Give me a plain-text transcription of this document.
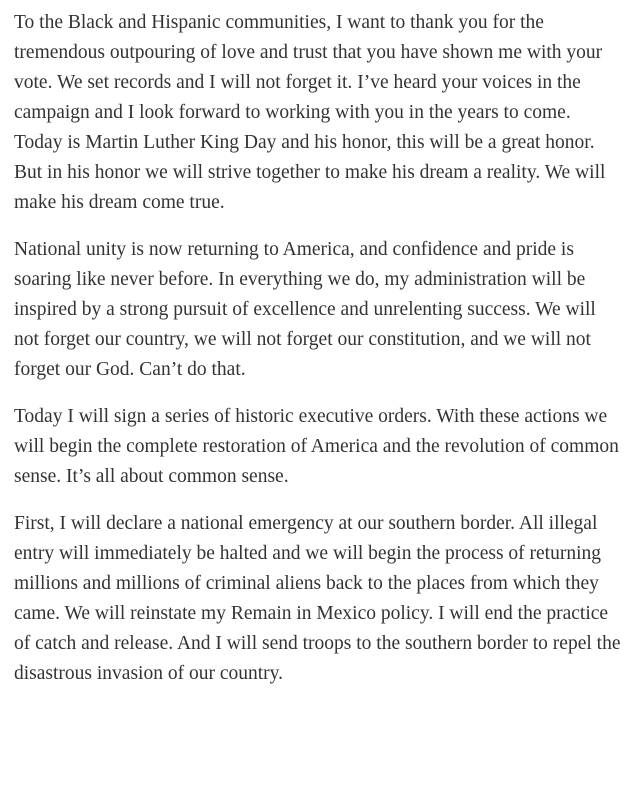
To the Black and Hispanic communities, I want to thank you for the tremendous outpouring of love and trust that you have shown me with your vote. We set records and I will not forget it. I’ve heard your voices in the campaign and I look forward to working with you in the years to come. Today is Martin Luther King Day and his honor, this will be a great honor. But in his honor we will strive together to make his dream a reality. We will make his dream come true.

National unity is now returning to America, and confidence and pride is soaring like never before. In everything we do, my administration will be inspired by a strong pursuit of excellence and unrelenting success. We will not forget our country, we will not forget our constitution, and we will not forget our God. Can’t do that.

Today I will sign a series of historic executive orders. With these actions we will begin the complete restoration of America and the revolution of common sense. It’s all about common sense.

First, I will declare a national emergency at our southern border. All illegal entry will immediately be halted and we will begin the process of returning millions and millions of criminal aliens back to the places from which they came. We will reinstate my Remain in Mexico policy. I will end the practice of catch and release. And I will send troops to the southern border to repel the disastrous invasion of our country.
